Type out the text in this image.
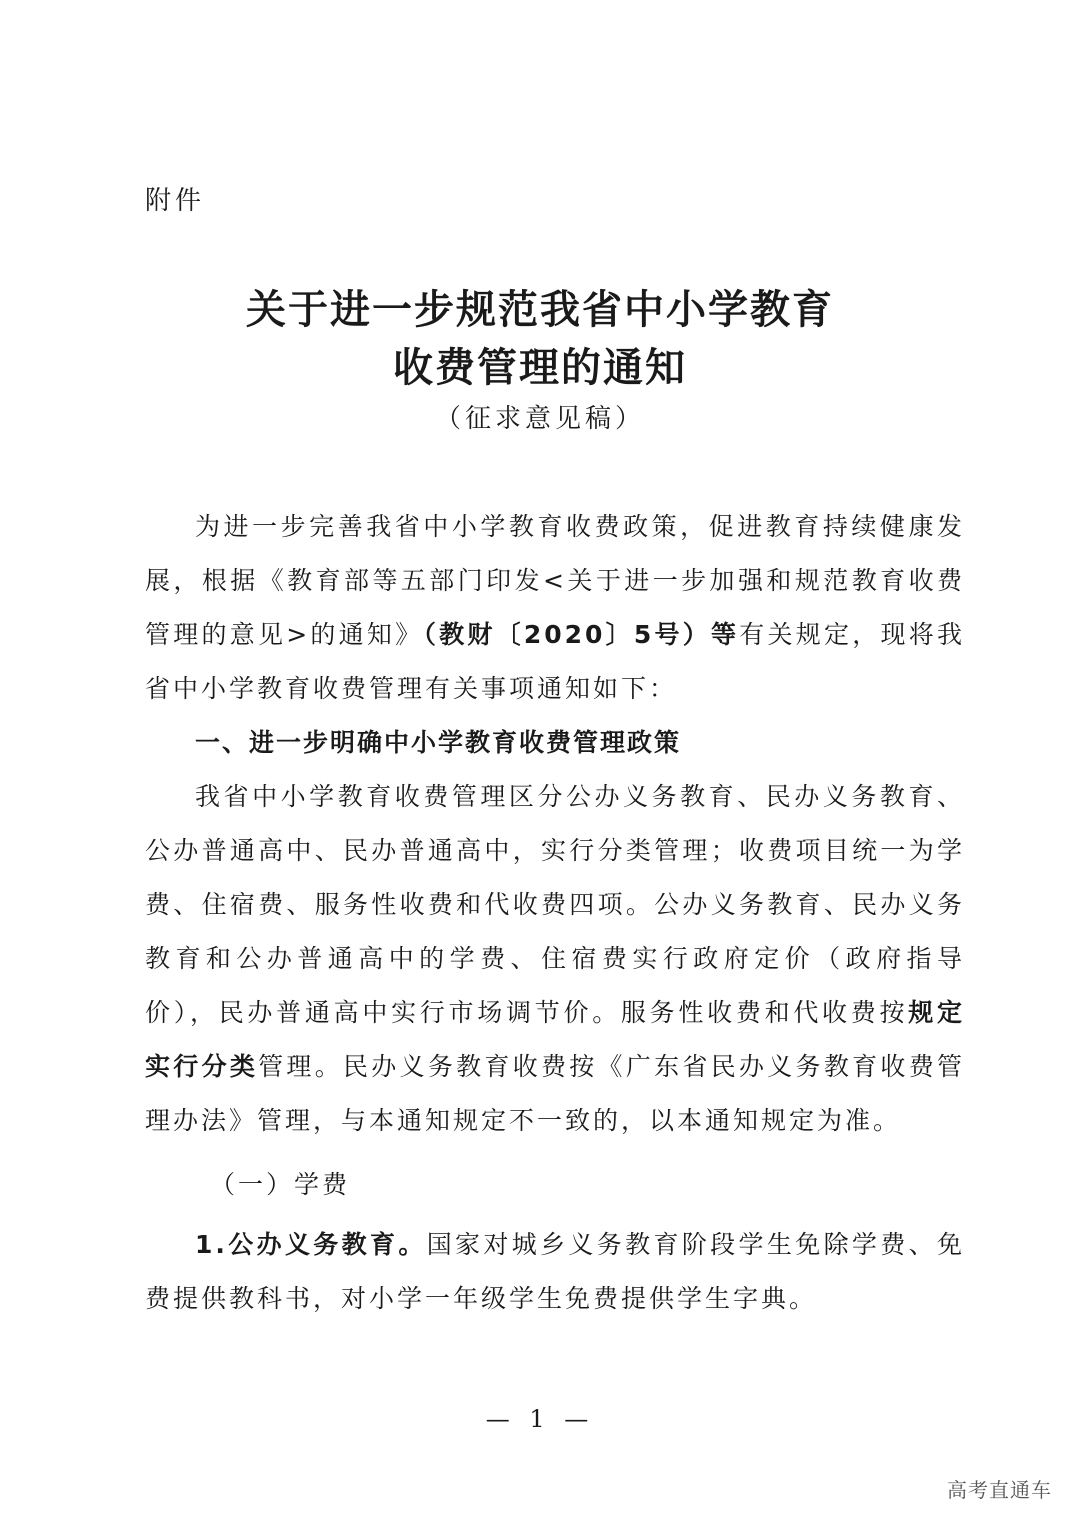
附件
关于进一步规范我省中小学教育
收费管理的通知
（征求意见稿）

为进一步完善我省中小学教育收费政策，促进教育持续健康发展，根据《教育部等五部门印发<关于进一步加强和规范教育收费管理的意见>的通知》（教财〔2020〕5号）等有关规定，现将我省中小学教育收费管理有关事项通知如下：

一、进一步明确中小学教育收费管理政策

我省中小学教育收费管理区分公办义务教育、民办义务教育、公办普通高中、民办普通高中，实行分类管理；收费项目统一为学费、住宿费、服务性收费和代收费四项。公办义务教育、民办义务教育和公办普通高中的学费、住宿费实行政府定价（政府指导价），民办普通高中实行市场调节价。服务性收费和代收费按规定实行分类管理。民办义务教育收费按《广东省民办义务教育收费管理办法》管理，与本通知规定不一致的，以本通知规定为准。

（一）学费

1.公办义务教育。国家对城乡义务教育阶段学生免除学费、免费提供教科书，对小学一年级学生免费提供学生字典。

— 1 —
高考直通车
